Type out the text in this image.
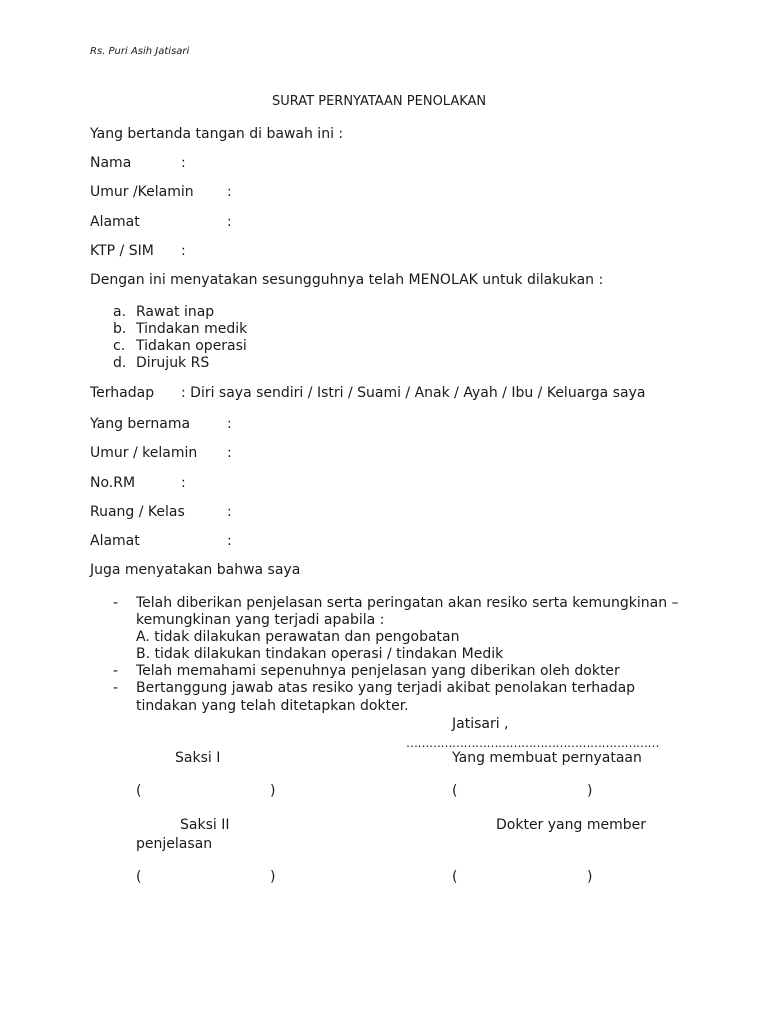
Rs. Puri Asih Jatisari
SURAT PERNYATAAN PENOLAKAN
Yang bertanda tangan di bawah ini :
Nama	:
Umur /Kelamin :
Alamat	:
KTP / SIM :
Dengan ini menyatakan sesungguhnya telah MENOLAK untuk dilakukan :
a. Rawat inap
b. Tindakan medik
c. Tidakan operasi
d. Dirujuk RS
Terhadap : Diri saya sendiri / Istri / Suami / Anak / Ayah / Ibu / Keluarga saya
Yang bernama	:
Umur / kelamin :
No.RM	:
Ruang / Kelas	:
Alamat	:
Juga menyatakan bahwa saya
- Telah diberikan penjelasan serta peringatan akan resiko serta kemungkinan –
kemungkinan yang terjadi apabila :
A. tidak dilakukan perawatan dan pengobatan
B. tidak dilakukan tindakan operasi / tindakan Medik
- Telah memahami sepenuhnya penjelasan yang diberikan oleh dokter
- Bertanggung jawab atas resiko yang terjadi akibat penolakan terhadap
tindakan yang telah ditetapkan dokter.
Jatisari ,
…………………………………………………………
Saksi I	Yang membuat pernyataan
(	)	(	)
Saksi II	Dokter yang member
penjelasan
(	)	(	)
